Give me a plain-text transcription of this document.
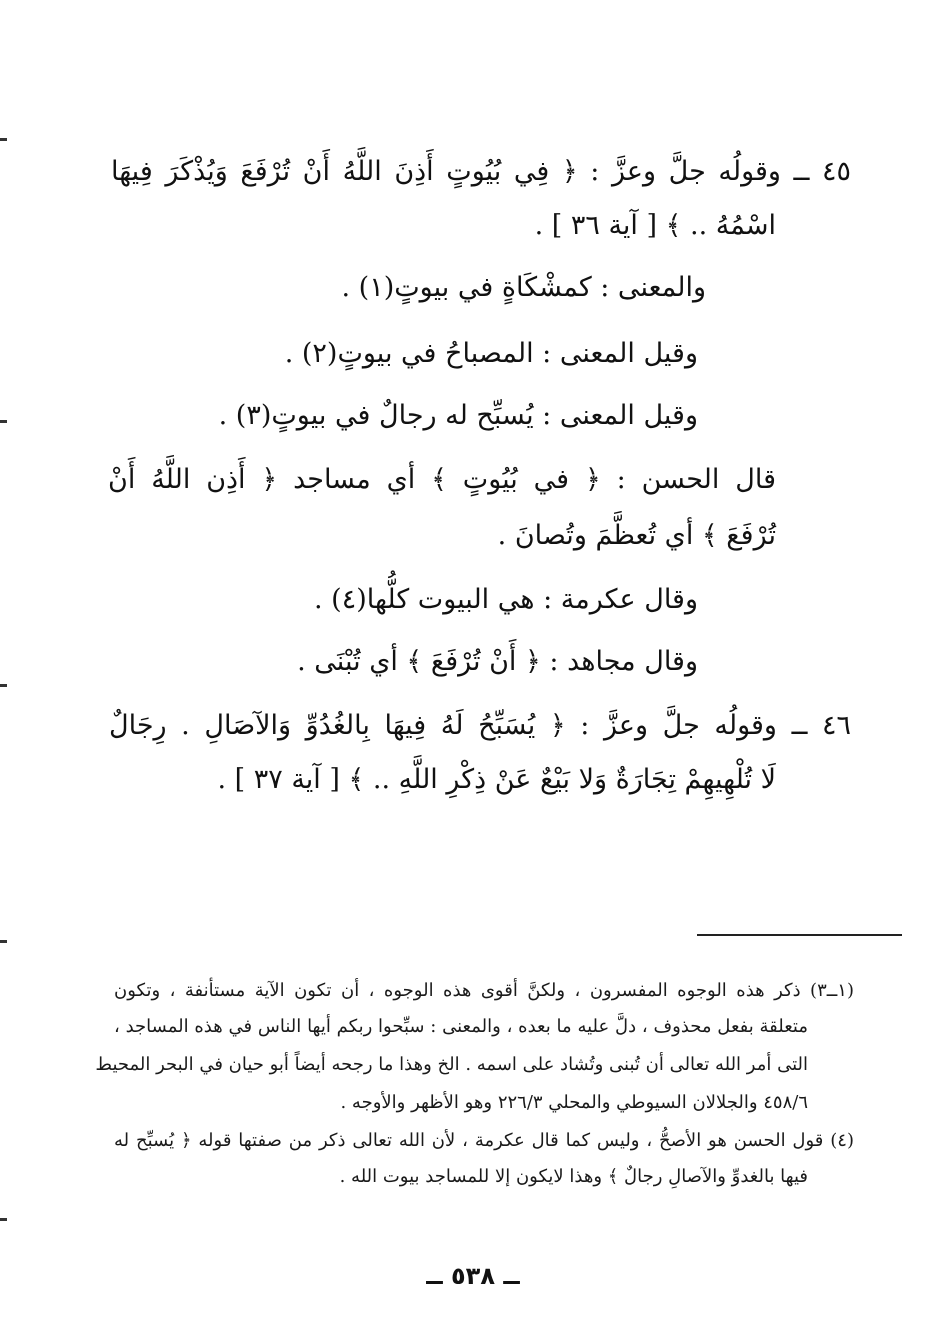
٤٥ ــ وقولُه جلَّ وعزَّ : ﴿ فِي بُيُوتٍ أَذِنَ اللَّهُ أَنْ تُرْفَعَ وَيُذْكَرَ فِيهَا
اسْمُهُ .. ﴾ [ آية ٣٦ ] .
والمعنى : كمشْكَاةٍ في بيوتٍ(١) .
وقيل المعنى : المصباحُ في بيوتٍ(٢) .
وقيل المعنى : يُسبِّح له رجالٌ في بيوتٍ(٣) .
قال الحسن : ﴿ في بُيُوتٍ ﴾ أي مساجد ﴿ أَذِن اللَّهُ أَنْ
تُرْفَعَ ﴾ أي تُعظَّمَ وتُصانَ .
وقال عكرمة : هي البيوت كلُّها(٤) .
وقال مجاهد : ﴿ أَنْ تُرْفَعَ ﴾ أي تُبْنَى .
٤٦ ــ وقولُه جلَّ وعزَّ : ﴿ يُسَبِّحُ لَهُ فِيهَا بِالغُدُوِّ وَالآصَالِ . رِجَالٌ
لَا تُلْهِيهِمْ تِجَارَةٌ وَلا بَيْعٌ عَنْ ذِكْرِ اللَّهِ .. ﴾ [ آية ٣٧ ] .
(١ــ٣) ذكر هذه الوجوه المفسرون ، ولكنَّ أقوى هذه الوجوه ، أن تكون الآية مستأنفة ، وتكون
متعلقة بفعل محذوف ، دلَّ عليه ما بعده ، والمعنى : سبِّحوا ربكم أيها الناس في هذه المساجد ،
التى أمر الله تعالى أن تُبنى وتُشاد على اسمه . الخ وهذا ما رجحه أيضاً أبو حيان في البحر المحيط
٤٥٨/٦ والجلالان السيوطي والمحلي ٢٢٦/٣ وهو الأظهر والأوجه .
(٤) قول الحسن هو الأصحُّ ، وليس كما قال عكرمة ، لأن الله تعالى ذكر من صفتها قوله ﴿ يُسبِّح له
فيها بالغدوِّ والآصالِ رجالٌ ﴾ وهذا لايكون إلا للمساجد بيوت الله .
ــ ٥٣٨ ــ
